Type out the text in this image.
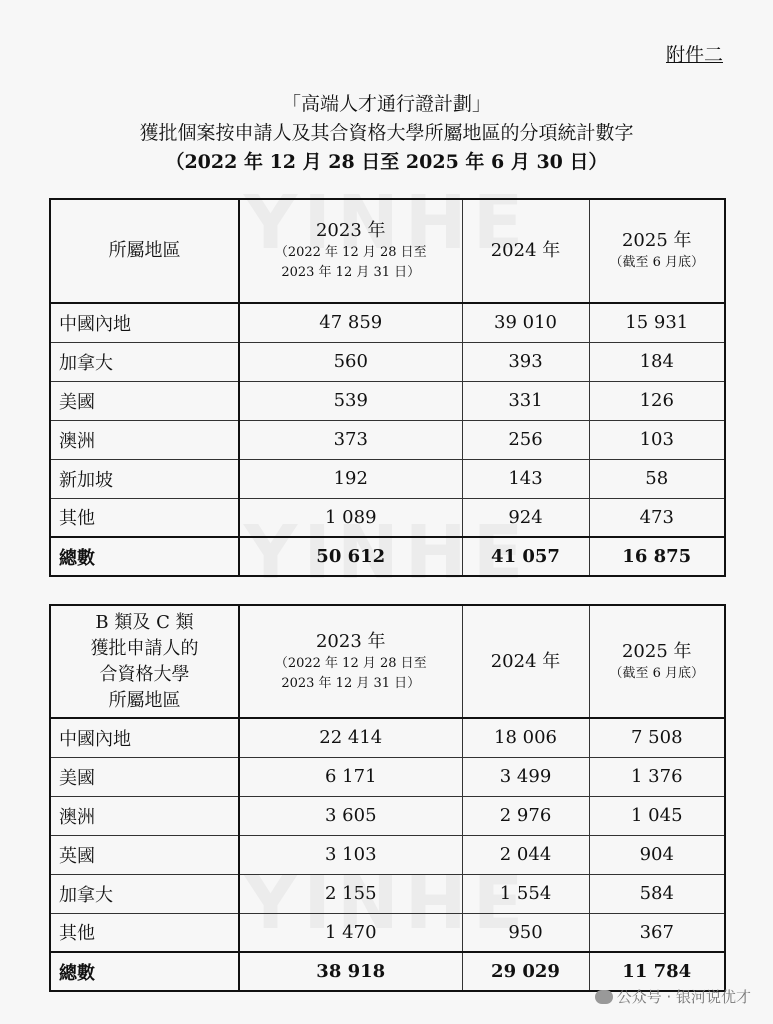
附件二
「高端人才通行證計劃」
獲批個案按申請人及其合資格大學所屬地區的分項統計數字
（2022 年 12 月 28 日至 2025 年 6 月 30 日）
所屬地區	2023 年
（2022 年 12 月 28 日至
2023 年 12 月 31 日）	2024 年	2025 年
（截至 6 月底）

中國內地	47 859	39 010	15 931
加拿大	560	393	184
美國	539	331	126
澳洲	373	256	103
新加坡	192	143	58
其他	1 089	924	473
總數	50 612	41 057	16 875
B 類及 C 類
獲批申請人的
合資格大學
所屬地區	2023 年
（2022 年 12 月 28 日至
2023 年 12 月 31 日）	2024 年	2025 年
（截至 6 月底）

中國內地	22 414	18 006	7 508
美國	6 171	3 499	1 376
澳洲	3 605	2 976	1 045
英國	3 103	2 044	904
加拿大	2 155	1 554	584
其他	1 470	950	367
總數	38 918	29 029	11 784
公众号 · 银河说优才
